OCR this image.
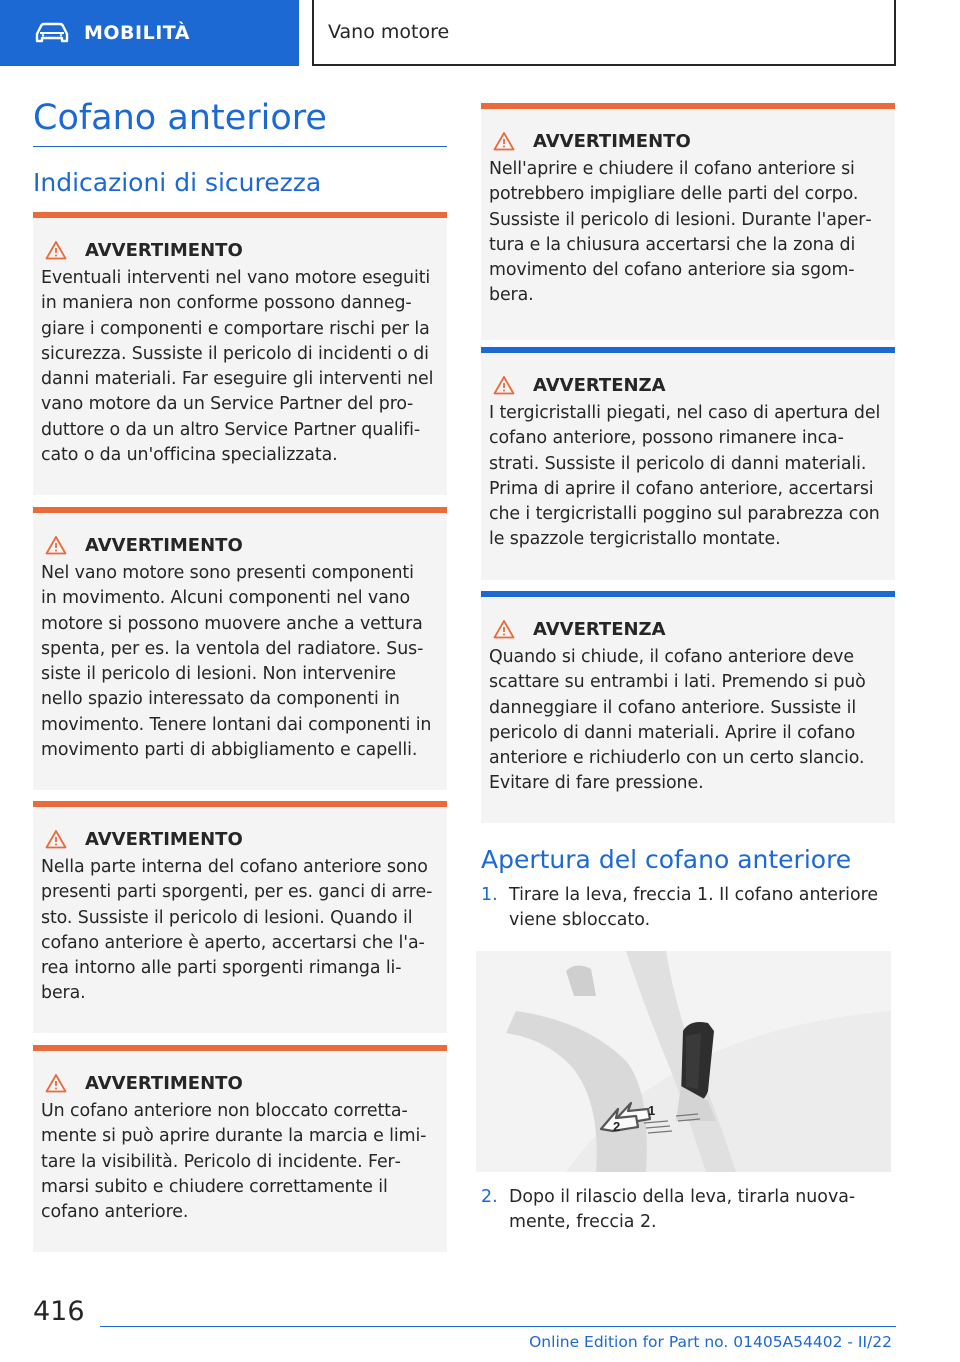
MOBILITÀ	Vano motore
Cofano anteriore
Indicazioni di sicurezza
AVVERTIMENTO
Eventuali interventi nel vano motore eseguiti
in maniera non conforme possono danneg‐
giare i componenti e comportare rischi per la
sicurezza. Sussiste il pericolo di incidenti o di
danni materiali. Far eseguire gli interventi nel
vano motore da un Service Partner del pro‐
duttore o da un altro Service Partner qualifi‐
cato o da un'officina specializzata.
AVVERTIMENTO
Nel vano motore sono presenti componenti
in movimento. Alcuni componenti nel vano
motore si possono muovere anche a vettura
spenta, per es. la ventola del radiatore. Sus‐
siste il pericolo di lesioni. Non intervenire
nello spazio interessato da componenti in
movimento. Tenere lontani dai componenti in
movimento parti di abbigliamento e capelli.
AVVERTIMENTO
Nella parte interna del cofano anteriore sono
presenti parti sporgenti, per es. ganci di arre‐
sto. Sussiste il pericolo di lesioni. Quando il
cofano anteriore è aperto, accertarsi che l'a‐
rea intorno alle parti sporgenti rimanga li‐
bera.
AVVERTIMENTO
Un cofano anteriore non bloccato corretta‐
mente si può aprire durante la marcia e limi‐
tare la visibilità. Pericolo di incidente. Fer‐
marsi subito e chiudere correttamente il
cofano anteriore.
AVVERTIMENTO
Nell'aprire e chiudere il cofano anteriore si
potrebbero impigliare delle parti del corpo.
Sussiste il pericolo di lesioni. Durante l'aper‐
tura e la chiusura accertarsi che la zona di
movimento del cofano anteriore sia sgom‐
bera.
AVVERTENZA
I tergicristalli piegati, nel caso di apertura del
cofano anteriore, possono rimanere inca‐
strati. Sussiste il pericolo di danni materiali.
Prima di aprire il cofano anteriore, accertarsi
che i tergicristalli poggino sul parabrezza con
le spazzole tergicristallo montate.
AVVERTENZA
Quando si chiude, il cofano anteriore deve
scattare su entrambi i lati. Premendo si può
danneggiare il cofano anteriore. Sussiste il
pericolo di danni materiali. Aprire il cofano
anteriore e richiuderlo con un certo slancio.
Evitare di fare pressione.
Apertura del cofano anteriore
1. Tirare la leva, freccia 1. Il cofano anteriore
viene sbloccato.
1
2
2. Dopo il rilascio della leva, tirarla nuova‐
mente, freccia 2.
416
Online Edition for Part no. 01405A54402 - II/22
